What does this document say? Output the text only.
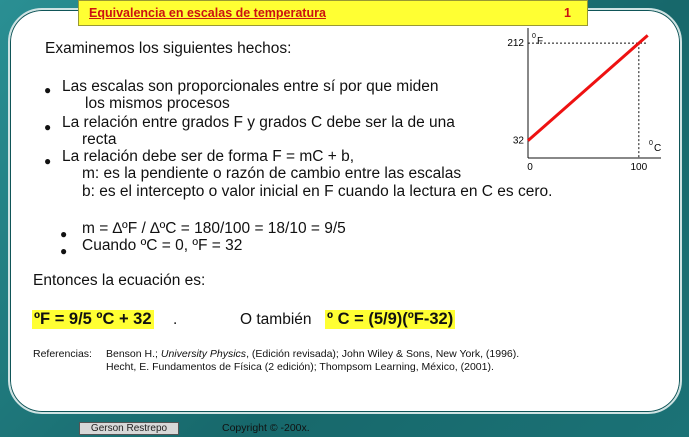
Equivalencia en escalas de temperatura	1
Examinemos los siguientes hechos:
● Las escalas son proporcionales entre sí por que miden
los mismos procesos
● La relación entre grados F y grados C debe ser la de una
recta
● La relación debe ser de forma F = mC + b,
m: es la pendiente o razón de cambio entre las escalas
b: es el intercepto o valor inicial en F cuando la lectura en C es cero.
● m = ∆ºF / ∆ºC = 180/100 = 18/10 = 9/5
● Cuando ºC = 0, ºF = 32
Entonces la ecuación es:
ºF = 9/5 ºC + 32 .	O también º C = (5/9)(ºF-32)
Referencias: Benson H.; University Physics, (Edición revisada); John Wiley & Sons, New York, (1996).
Hecht, E. Fundamentos de Física (2 edición); Thompsom Learning, México, (2001).
32
212
0	100
0 F
0 C
Gerson Restrepo	Copyright © -200x.
